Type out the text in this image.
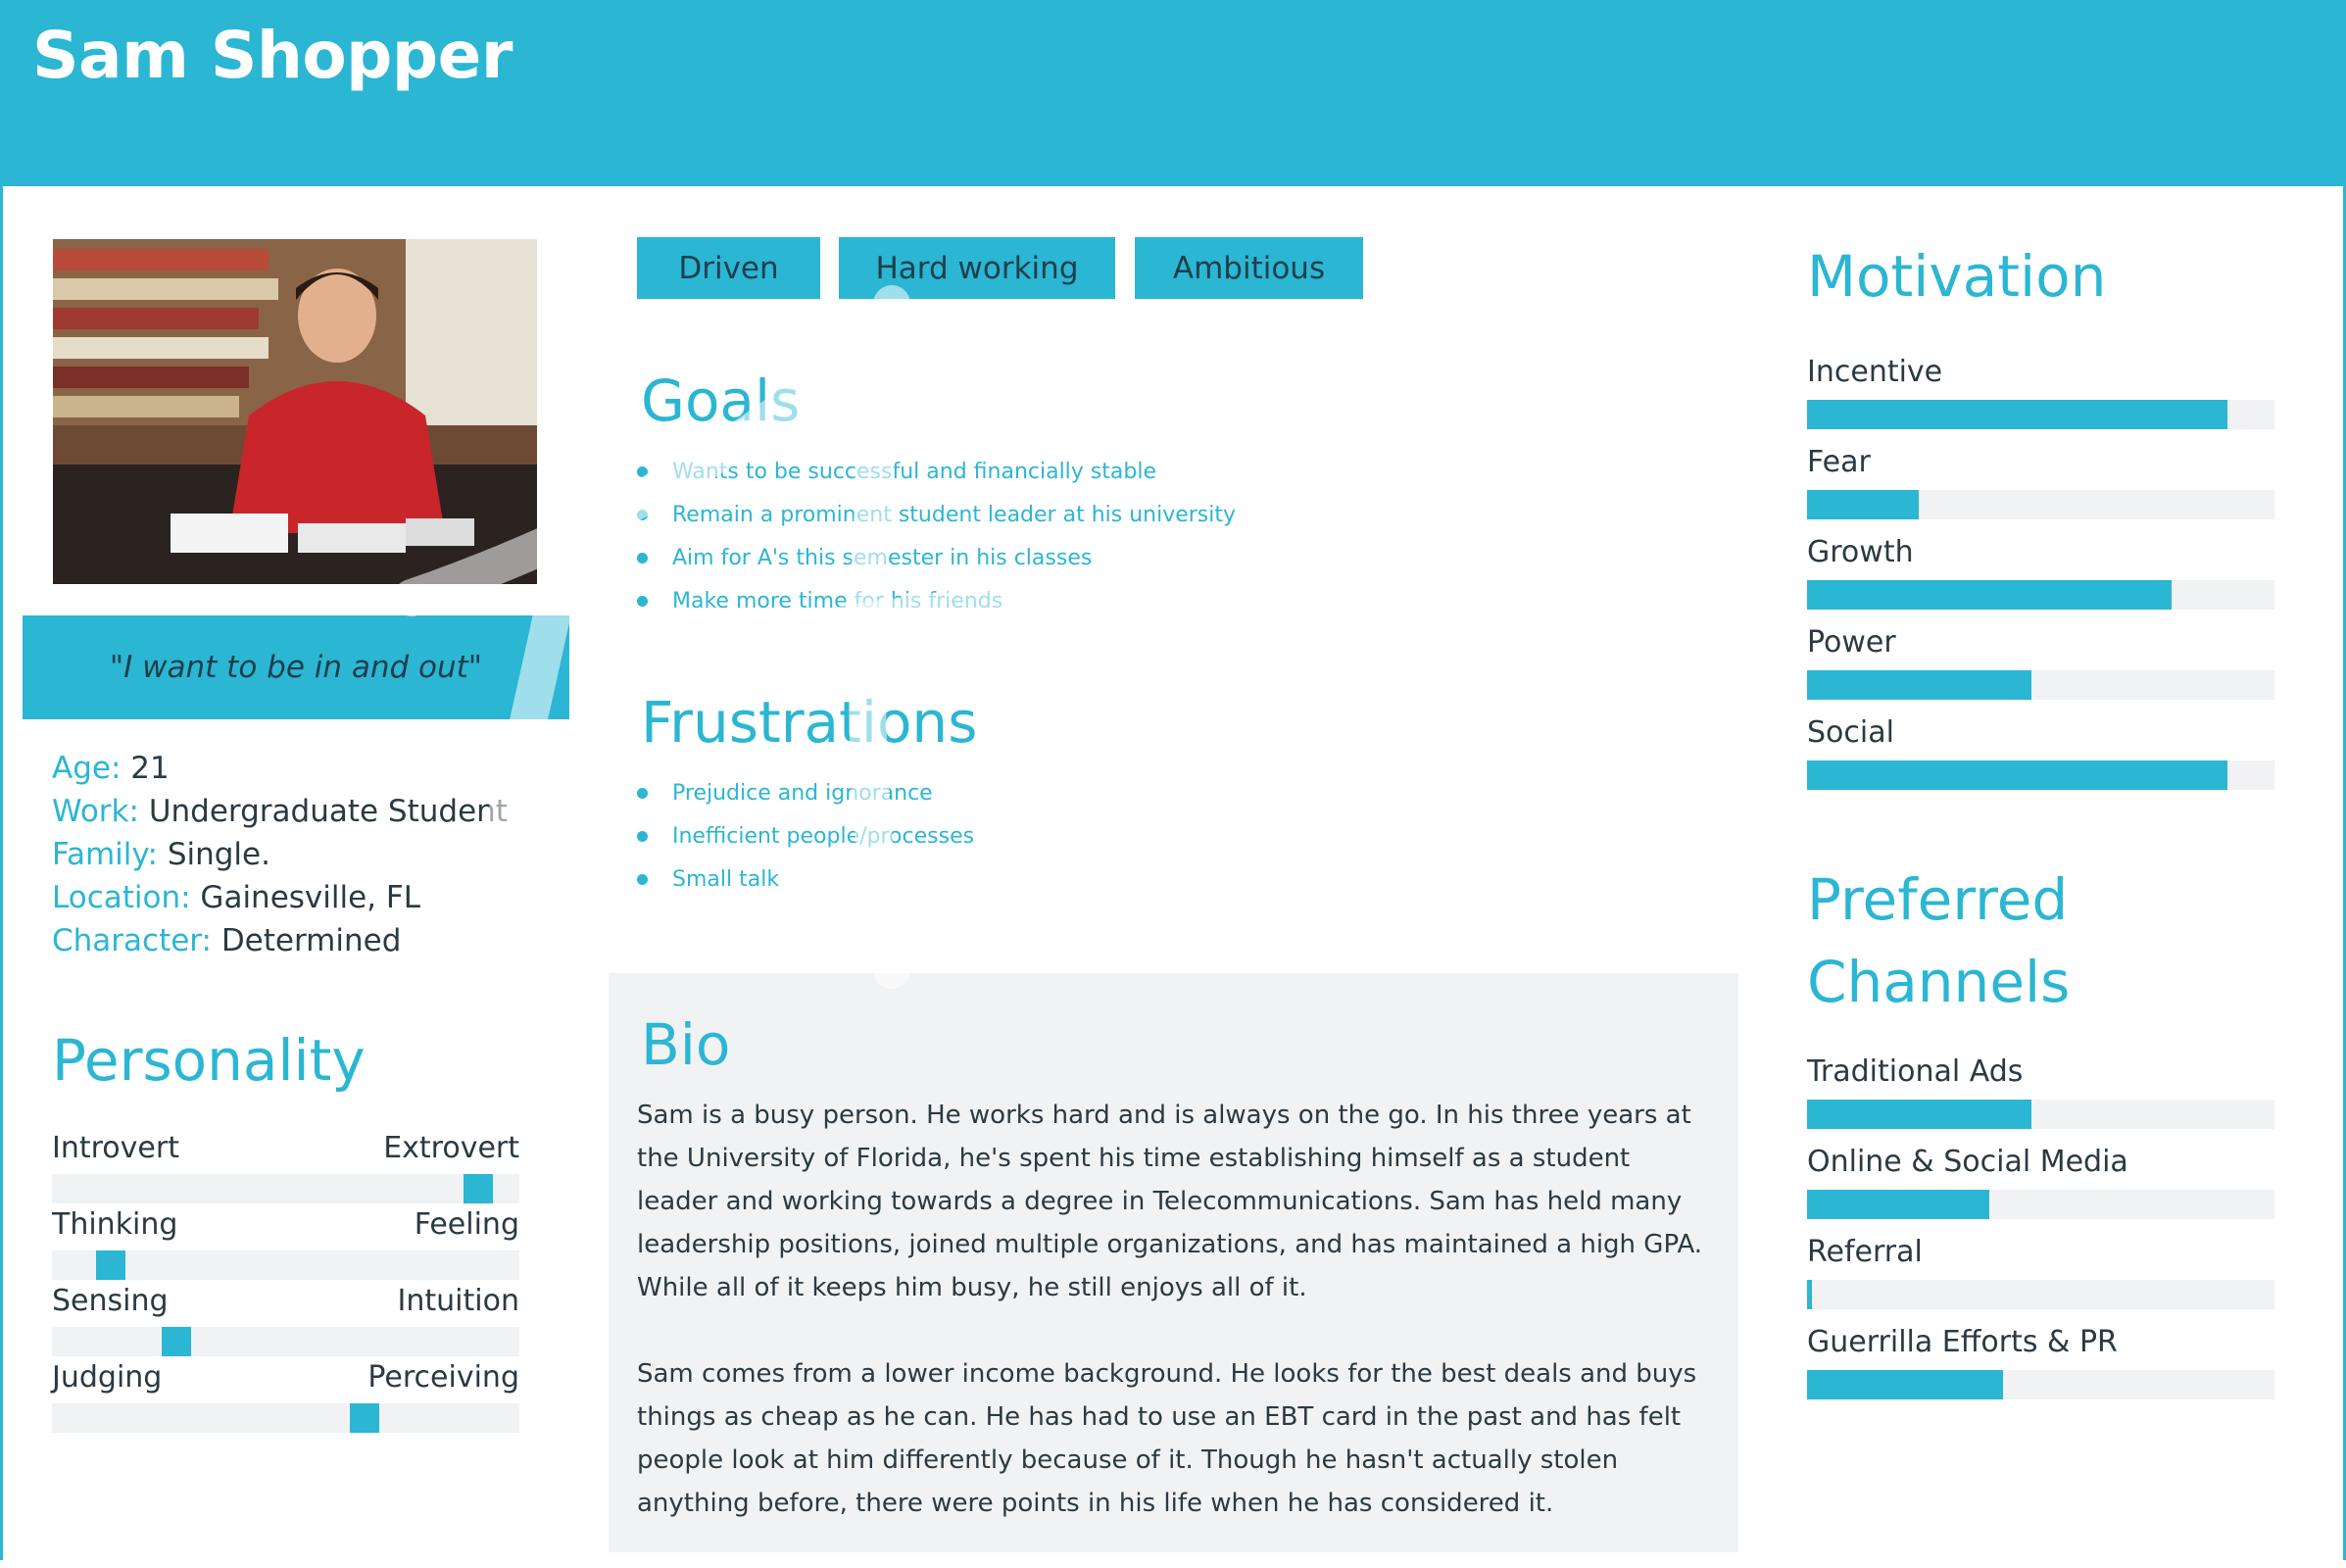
Sam Shopper
"I want to be in and out"
Age: 21
Work: Undergraduate Student
Family: Single.
Location: Gainesville, FL
Character: Determined
Personality
Introvert	Extrovert
Thinking	Feeling
Sensing	Intuition
Judging	Perceiving
Driven	Hard working	Ambitious
Goals
Wants to be successful and financially stable
Remain a prominent student leader at his university
Aim for A's this semester in his classes
Make more time for his friends
Frustrations
Prejudice and ignorance
Inefficient people/processes
Small talk
Bio

Sam is a busy person. He works hard and is always on the go. In his three years at the University of Florida, he's spent his time establishing himself as a student leader and working towards a degree in Telecommunications. Sam has held many leadership positions, joined multiple organizations, and has maintained a high GPA. While all of it keeps him busy, he still enjoys all of it.

Sam comes from a lower income background. He looks for the best deals and buys things as cheap as he can. He has had to use an EBT card in the past and has felt people look at him differently because of it. Though he hasn't actually stolen anything before, there were points in his life when he has considered it.

Xtensio
Motivation
Incentive
Fear
Growth
Power
Social
Preferred
Channels
Traditional Ads
Online & Social Media
Referral
Guerrilla Efforts & PR
